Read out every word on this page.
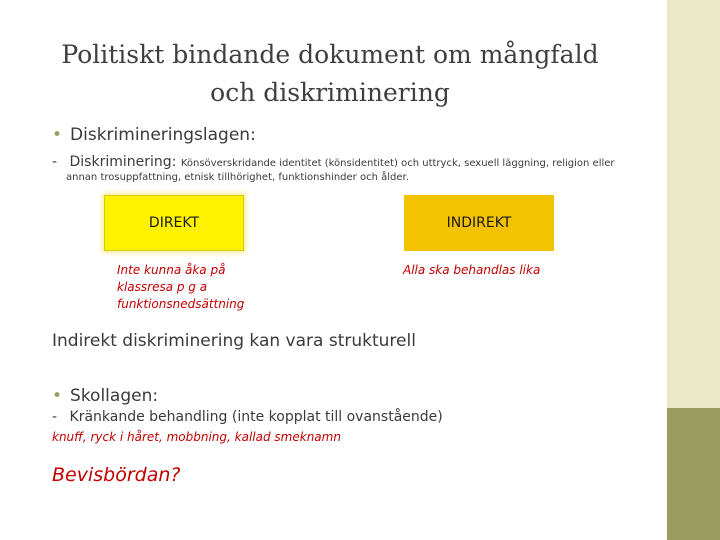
Politiskt bindande dokument om mångfald
och diskriminering
• Diskrimineringslagen:
- Diskriminering: Könsöverskridande identitet (könsidentitet) och uttryck, sexuell läggning, religion eller
annan trosuppfattning, etnisk tillhörighet, funktionshinder och ålder.
DIREKT	INDIREKT
Inte kunna åka på klassresa p g a funktionsnedsättning
Alla ska behandlas lika
Indirekt diskriminering kan vara strukturell
• Skollagen:
- Kränkande behandling (inte kopplat till ovanstående)
knuff, ryck i håret, mobbning, kallad smeknamn
Bevisbördan?
